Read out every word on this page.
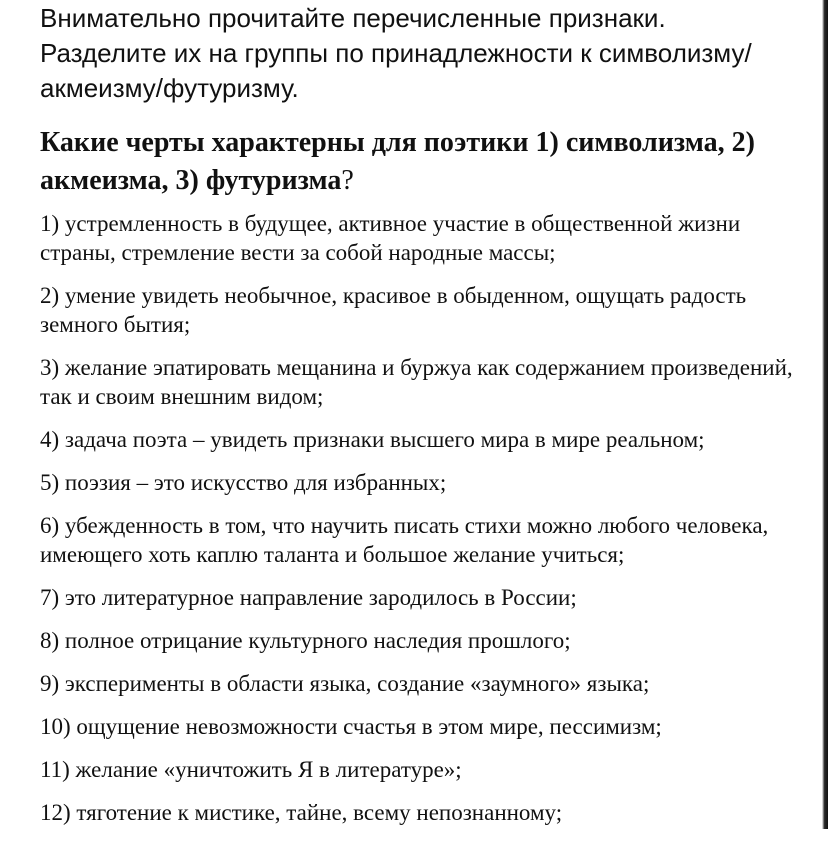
Внимательно прочитайте перечисленные признаки.
Разделите их на группы по принадлежности к символизму/
акмеизму/футуризму.

Какие черты характерны для поэтики 1) символизма, 2) акмеизма, 3) футуризма?

1) устремленность в будущее, активное участие в общественной жизни страны, стремление вести за собой народные массы;
2) умение увидеть необычное, красивое в обыденном, ощущать радость земного бытия;
3) желание эпатировать мещанина и буржуа как содержанием произведений, так и своим внешним видом;
4) задача поэта – увидеть признаки высшего мира в мире реальном;
5) поэзия – это искусство для избранных;
6) убежденность в том, что научить писать стихи можно любого человека, имеющего хоть каплю таланта и большое желание учиться;
7) это литературное направление зародилось в России;
8) полное отрицание культурного наследия прошлого;
9) эксперименты в области языка, создание «заумного» языка;
10) ощущение невозможности счастья в этом мире, пессимизм;
11) желание «уничтожить Я в литературе»;
12) тяготение к мистике, тайне, всему непознанному;
